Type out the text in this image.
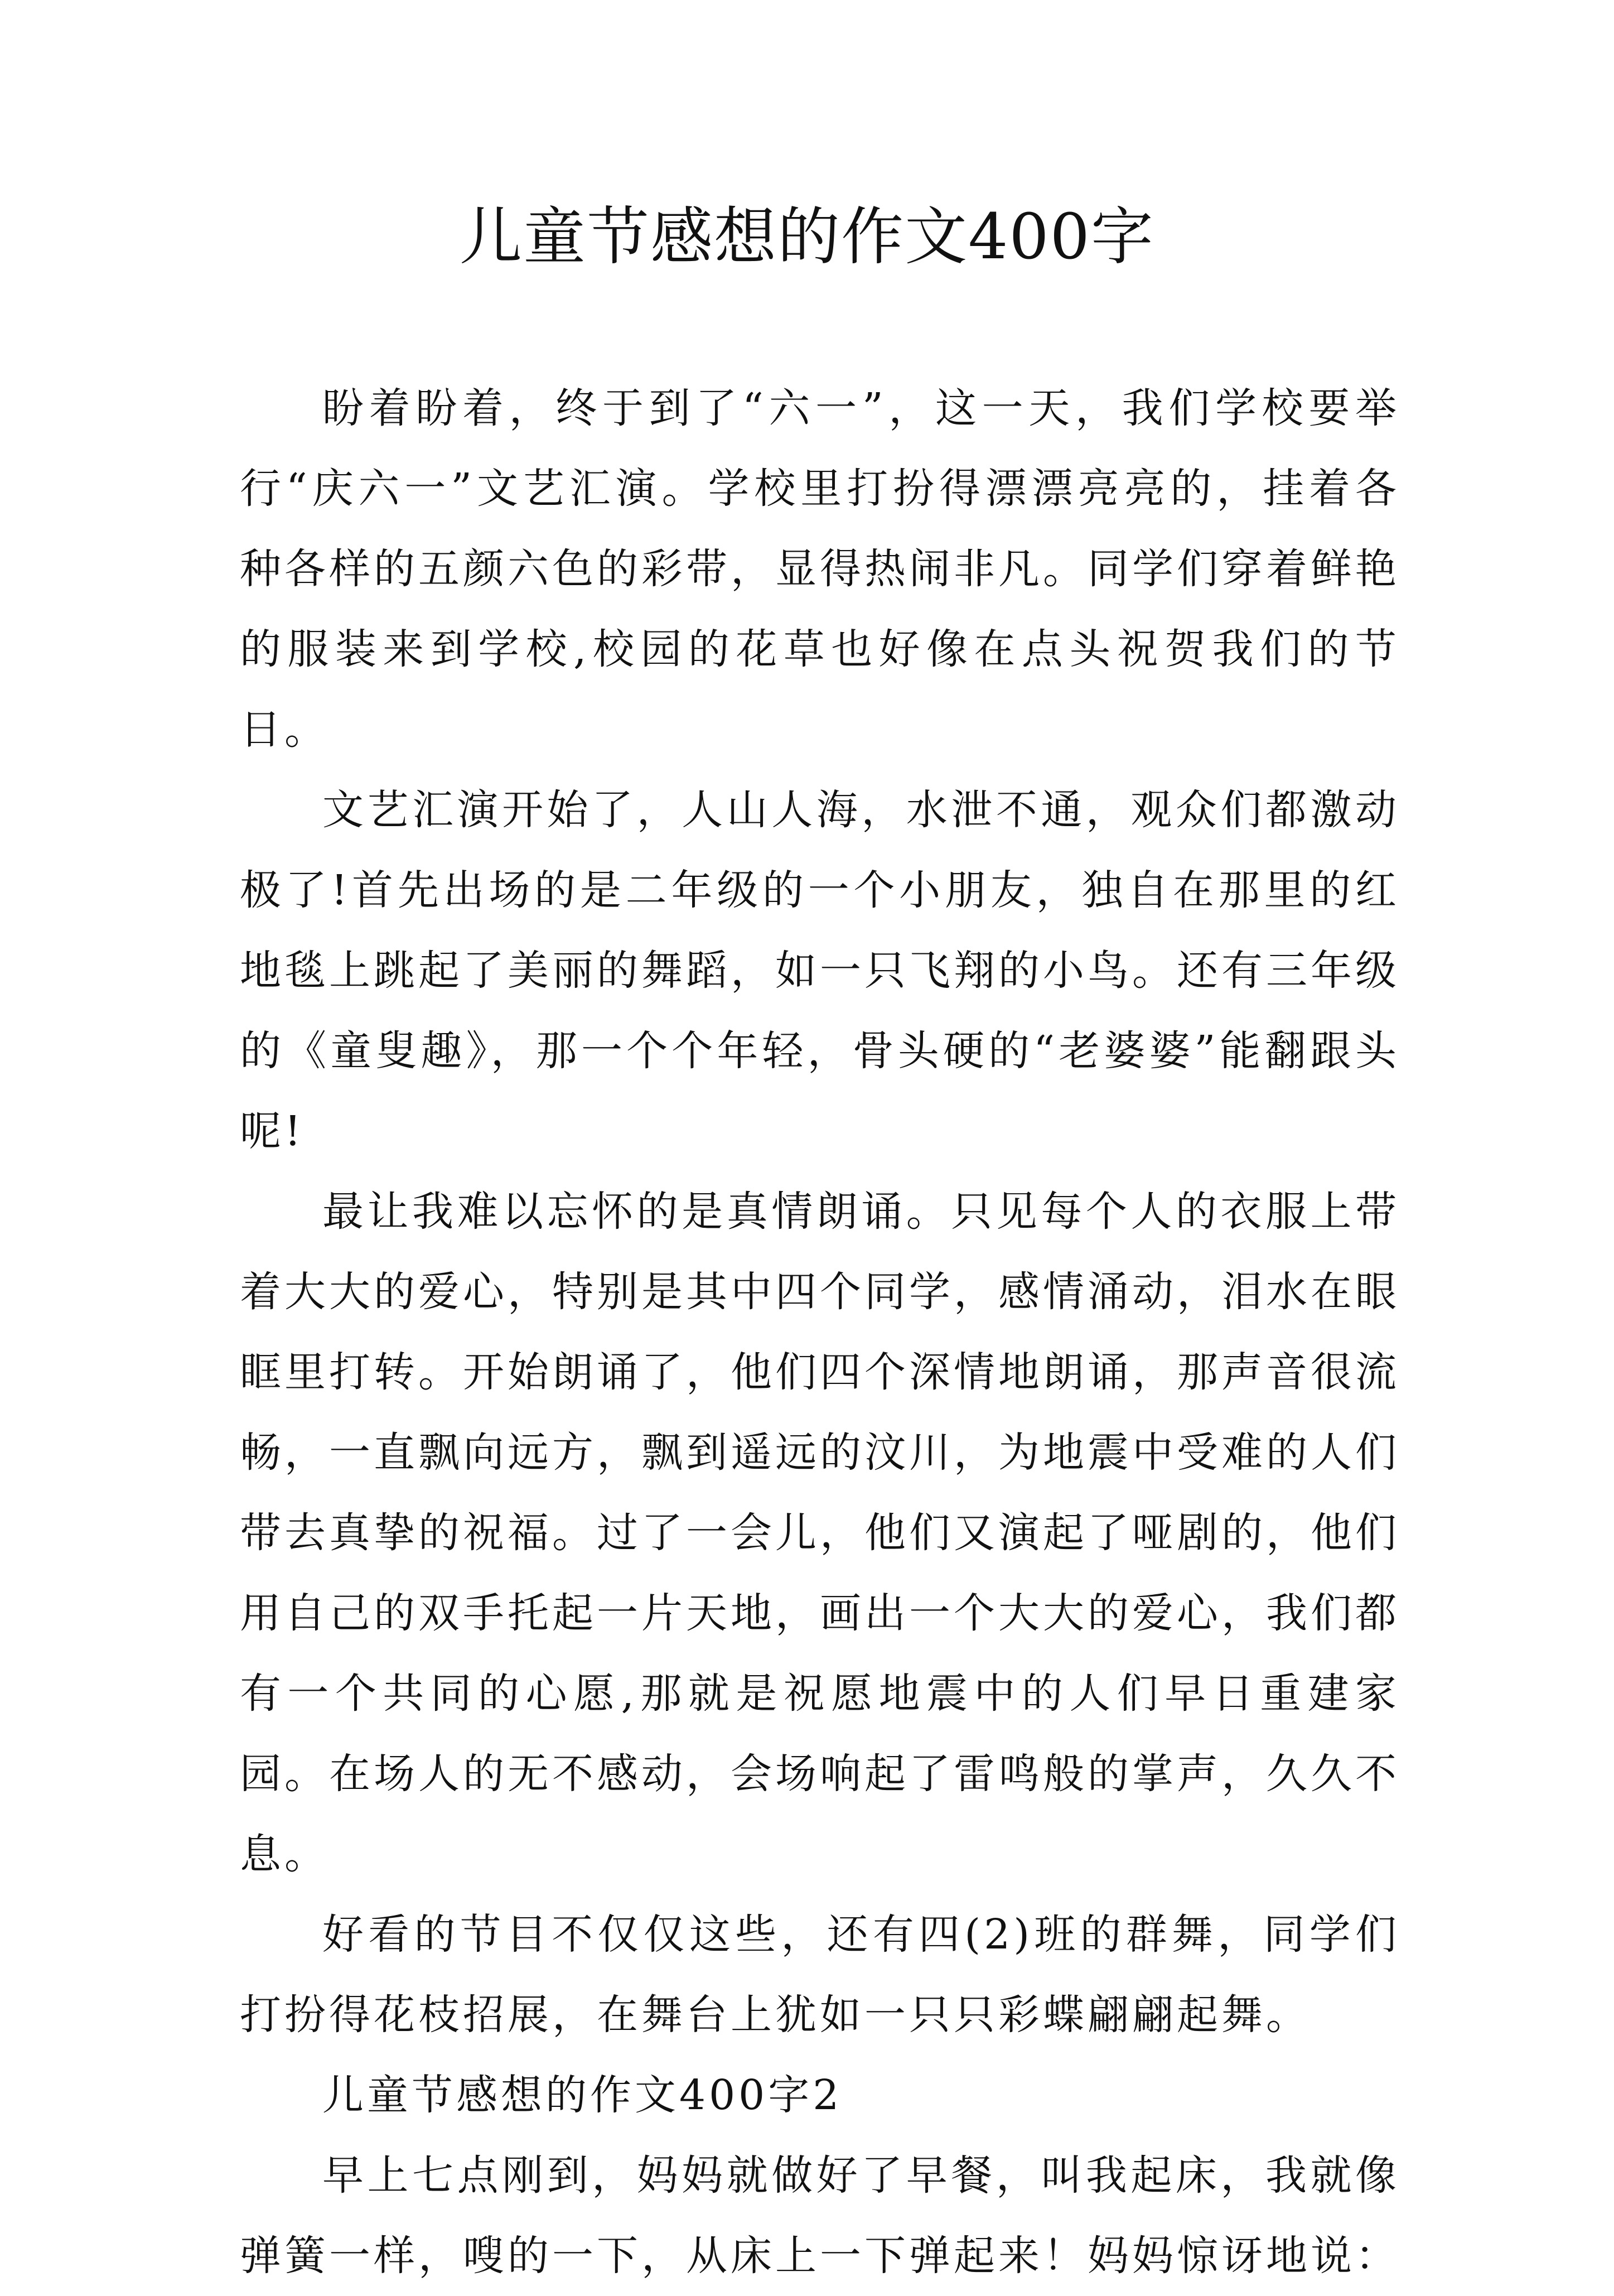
儿童节感想的作文400字

盼着盼着，终于到了“六一”，这一天，我们学校要举行“庆六一”文艺汇演。学校里打扮得漂漂亮亮的，挂着各种各样的五颜六色的彩带，显得热闹非凡。同学们穿着鲜艳的服装来到学校,校园的花草也好像在点头祝贺我们的节日。

文艺汇演开始了，人山人海，水泄不通，观众们都激动极了!首先出场的是二年级的一个小朋友，独自在那里的红地毯上跳起了美丽的舞蹈，如一只飞翔的小鸟。还有三年级的《童叟趣》，那一个个年轻，骨头硬的“老婆婆”能翻跟头呢!

最让我难以忘怀的是真情朗诵。只见每个人的衣服上带着大大的爱心，特别是其中四个同学，感情涌动，泪水在眼眶里打转。开始朗诵了，他们四个深情地朗诵，那声音很流畅，一直飘向远方，飘到遥远的汶川，为地震中受难的人们带去真挚的祝福。过了一会儿，他们又演起了哑剧的，他们用自己的双手托起一片天地，画出一个大大的爱心，我们都有一个共同的心愿,那就是祝愿地震中的人们早日重建家园。在场人的无不感动，会场响起了雷鸣般的掌声，久久不息。

好看的节目不仅仅这些，还有四(2)班的群舞，同学们打扮得花枝招展，在舞台上犹如一只只彩蝶翩翩起舞。

儿童节感想的作文400字2

早上七点刚到，妈妈就做好了早餐，叫我起床，我就像弹簧一样，嗖的一下，从床上一下弹起来！妈妈惊讶地说：
